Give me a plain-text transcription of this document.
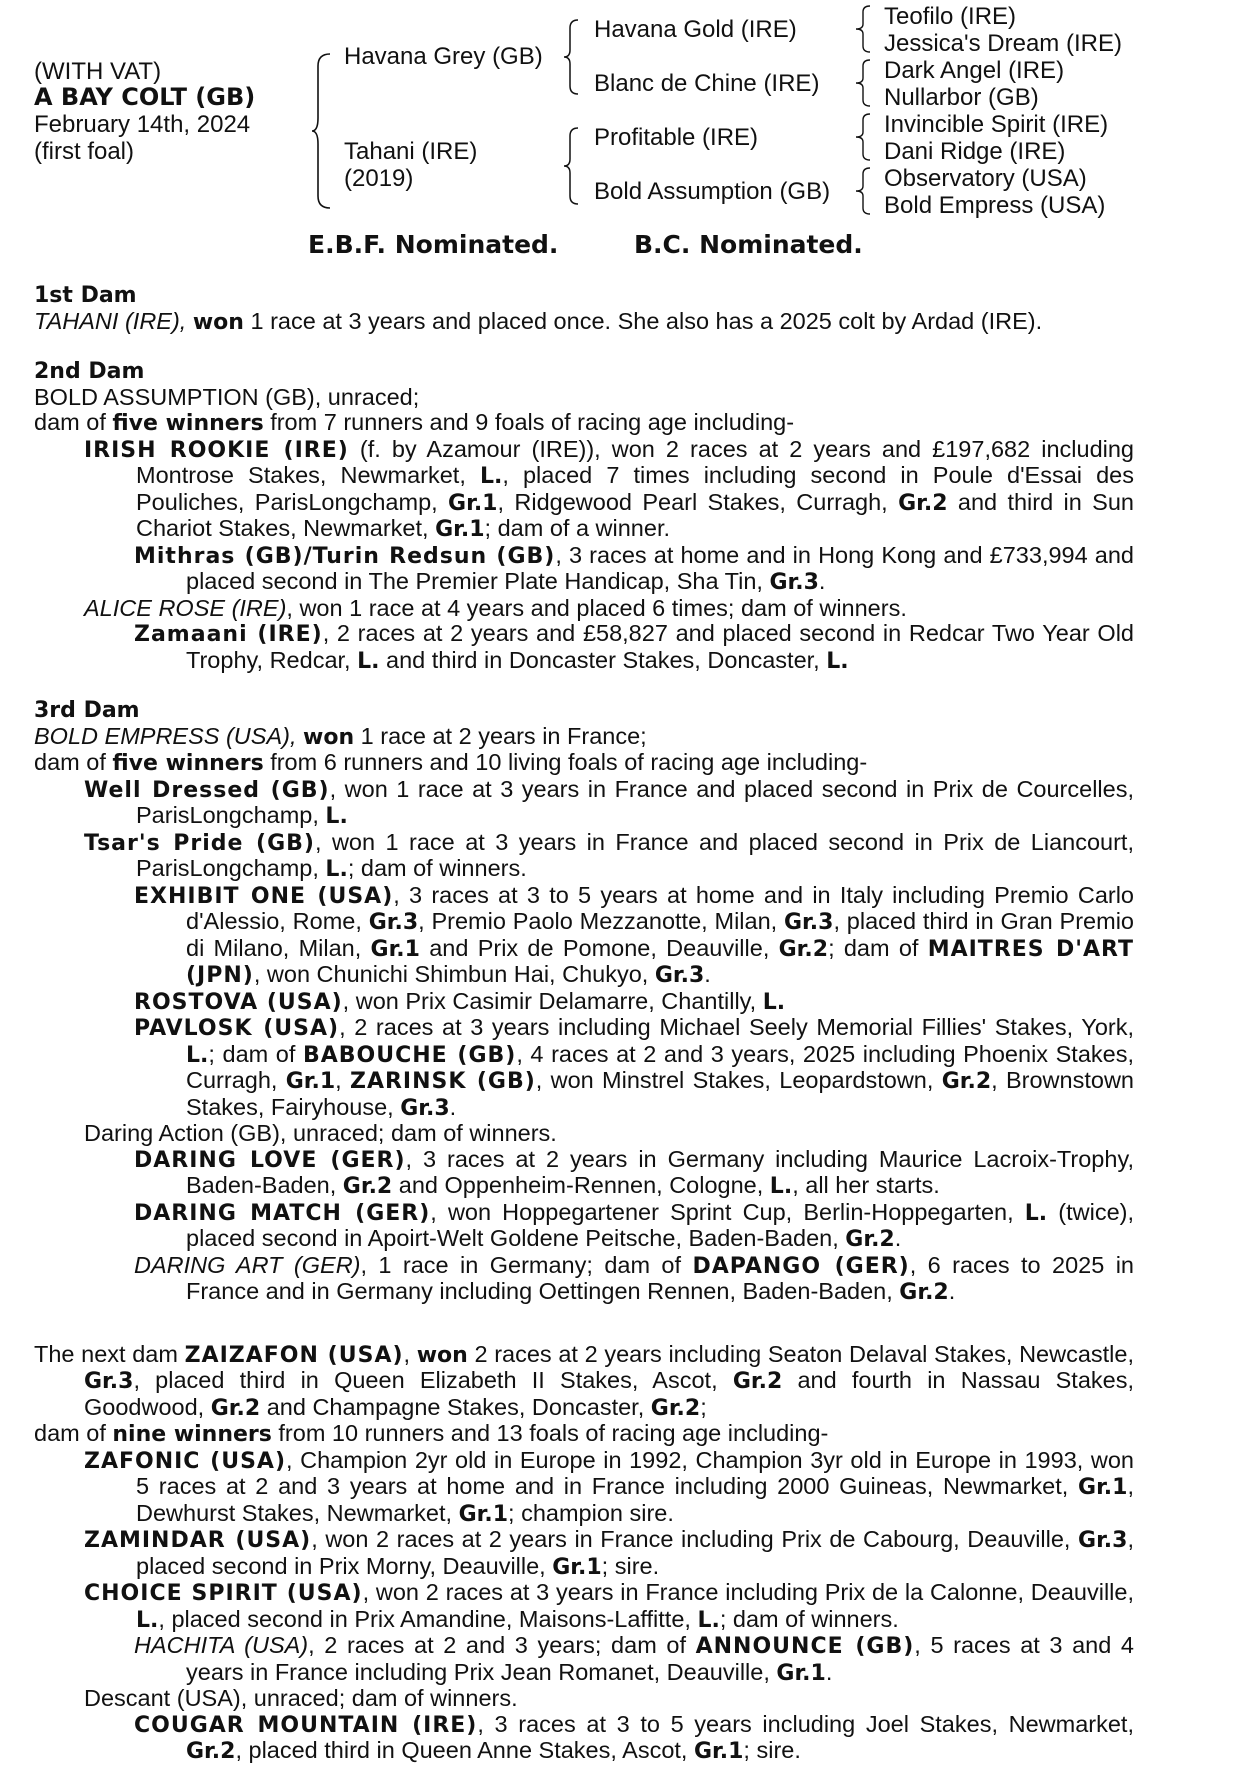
(WITH VAT)
A BAY COLT (GB)
February 14th, 2024
(first foal)
Havana Grey (GB)
Tahani (IRE)
(2019)
Havana Gold (IRE)
Blanc de Chine (IRE)
Profitable (IRE)
Bold Assumption (GB)
Teofilo (IRE)
Jessica's Dream (IRE)
Dark Angel (IRE)
Nullarbor (GB)
Invincible Spirit (IRE)
Dani Ridge (IRE)
Observatory (USA)
Bold Empress (USA)
E.B.F. Nominated.	B.C. Nominated.
1st Dam
TAHANI (IRE), won 1 race at 3 years and placed once. She also has a 2025 colt by Ardad (IRE).
2nd Dam
BOLD ASSUMPTION (GB), unraced;
dam of five winners from 7 runners and 9 foals of racing age including-
IRISH ROOKIE (IRE) (f. by Azamour (IRE)), won 2 races at 2 years and £197,682 including Montrose Stakes, Newmarket, L., placed 7 times including second in Poule d'Essai des Pouliches, ParisLongchamp, Gr.1, Ridgewood Pearl Stakes, Curragh, Gr.2 and third in Sun Chariot Stakes, Newmarket, Gr.1; dam of a winner.
Mithras (GB)/Turin Redsun (GB), 3 races at home and in Hong Kong and £733,994 and placed second in The Premier Plate Handicap, Sha Tin, Gr.3.
ALICE ROSE (IRE), won 1 race at 4 years and placed 6 times; dam of winners.
Zamaani (IRE), 2 races at 2 years and £58,827 and placed second in Redcar Two Year Old Trophy, Redcar, L. and third in Doncaster Stakes, Doncaster, L.
3rd Dam
BOLD EMPRESS (USA), won 1 race at 2 years in France;
dam of five winners from 6 runners and 10 living foals of racing age including-
Well Dressed (GB), won 1 race at 3 years in France and placed second in Prix de Courcelles, ParisLongchamp, L.
Tsar's Pride (GB), won 1 race at 3 years in France and placed second in Prix de Liancourt, ParisLongchamp, L.; dam of winners.
EXHIBIT ONE (USA), 3 races at 3 to 5 years at home and in Italy including Premio Carlo d'Alessio, Rome, Gr.3, Premio Paolo Mezzanotte, Milan, Gr.3, placed third in Gran Premio di Milano, Milan, Gr.1 and Prix de Pomone, Deauville, Gr.2; dam of MAITRES D'ART (JPN), won Chunichi Shimbun Hai, Chukyo, Gr.3.
ROSTOVA (USA), won Prix Casimir Delamarre, Chantilly, L.
PAVLOSK (USA), 2 races at 3 years including Michael Seely Memorial Fillies' Stakes, York, L.; dam of BABOUCHE (GB), 4 races at 2 and 3 years, 2025 including Phoenix Stakes, Curragh, Gr.1, ZARINSK (GB), won Minstrel Stakes, Leopardstown, Gr.2, Brownstown Stakes, Fairyhouse, Gr.3.
Daring Action (GB), unraced; dam of winners.
DARING LOVE (GER), 3 races at 2 years in Germany including Maurice Lacroix-Trophy, Baden-Baden, Gr.2 and Oppenheim-Rennen, Cologne, L., all her starts.
DARING MATCH (GER), won Hoppegartener Sprint Cup, Berlin-Hoppegarten, L. (twice), placed second in Apoirt-Welt Goldene Peitsche, Baden-Baden, Gr.2.
DARING ART (GER), 1 race in Germany; dam of DAPANGO (GER), 6 races to 2025 in France and in Germany including Oettingen Rennen, Baden-Baden, Gr.2.
The next dam ZAIZAFON (USA), won 2 races at 2 years including Seaton Delaval Stakes, Newcastle, Gr.3, placed third in Queen Elizabeth II Stakes, Ascot, Gr.2 and fourth in Nassau Stakes, Goodwood, Gr.2 and Champagne Stakes, Doncaster, Gr.2;
dam of nine winners from 10 runners and 13 foals of racing age including-
ZAFONIC (USA), Champion 2yr old in Europe in 1992, Champion 3yr old in Europe in 1993, won 5 races at 2 and 3 years at home and in France including 2000 Guineas, Newmarket, Gr.1, Dewhurst Stakes, Newmarket, Gr.1; champion sire.
ZAMINDAR (USA), won 2 races at 2 years in France including Prix de Cabourg, Deauville, Gr.3, placed second in Prix Morny, Deauville, Gr.1; sire.
CHOICE SPIRIT (USA), won 2 races at 3 years in France including Prix de la Calonne, Deauville, L., placed second in Prix Amandine, Maisons-Laffitte, L.; dam of winners.
HACHITA (USA), 2 races at 2 and 3 years; dam of ANNOUNCE (GB), 5 races at 3 and 4 years in France including Prix Jean Romanet, Deauville, Gr.1.
Descant (USA), unraced; dam of winners.
COUGAR MOUNTAIN (IRE), 3 races at 3 to 5 years including Joel Stakes, Newmarket, Gr.2, placed third in Queen Anne Stakes, Ascot, Gr.1; sire.
